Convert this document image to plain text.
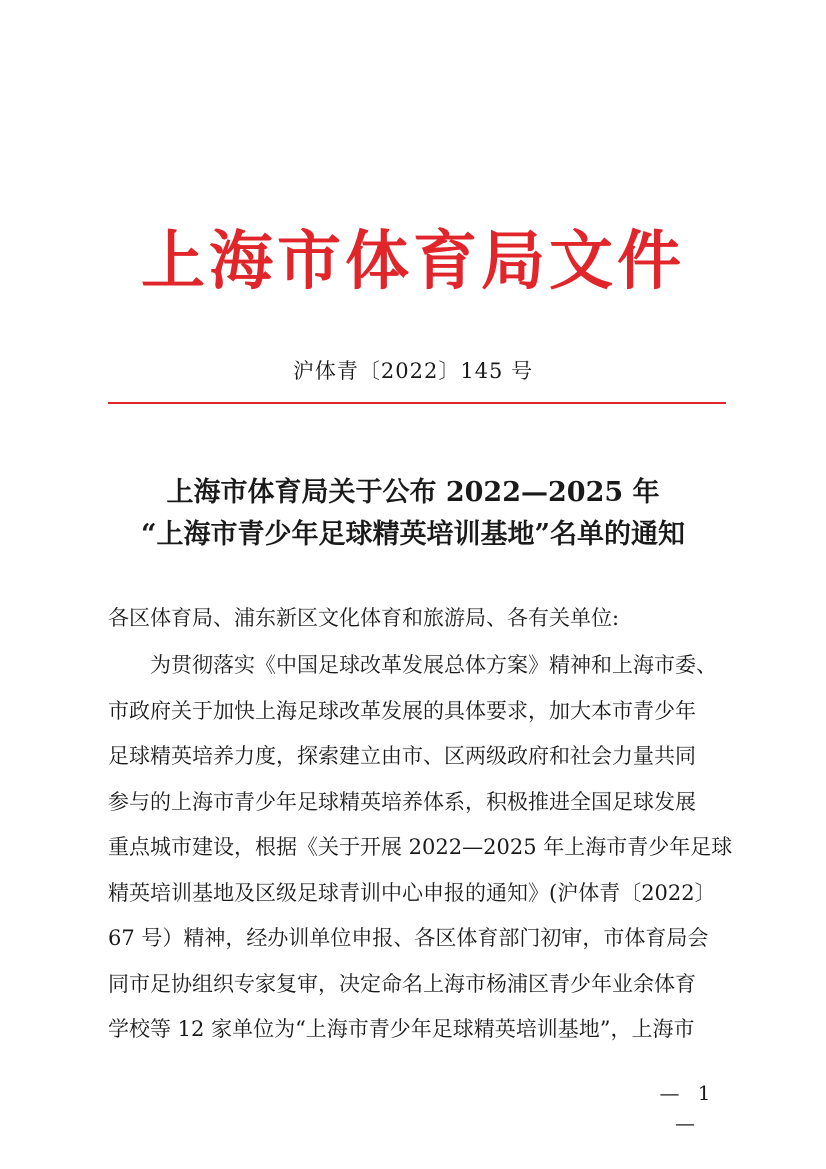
上海市体育局文件
沪体青〔2022〕145 号
上海市体育局关于公布 2022—2025 年
“上海市青少年足球精英培训基地”名单的通知
各区体育局、浦东新区文化体育和旅游局、各有关单位:
为贯彻落实《中国足球改革发展总体方案》精神和上海市委、
市政府关于加快上海足球改革发展的具体要求，加大本市青少年
足球精英培养力度，探索建立由市、区两级政府和社会力量共同
参与的上海市青少年足球精英培养体系，积极推进全国足球发展
重点城市建设，根据《关于开展 2022—2025 年上海市青少年足球
精英培训基地及区级足球青训中心申报的通知》(沪体青〔2022〕
67 号）精神，经办训单位申报、各区体育部门初审，市体育局会
同市足协组织专家复审，决定命名上海市杨浦区青少年业余体育
学校等 12 家单位为“上海市青少年足球精英培训基地”，上海市
— 1 —
